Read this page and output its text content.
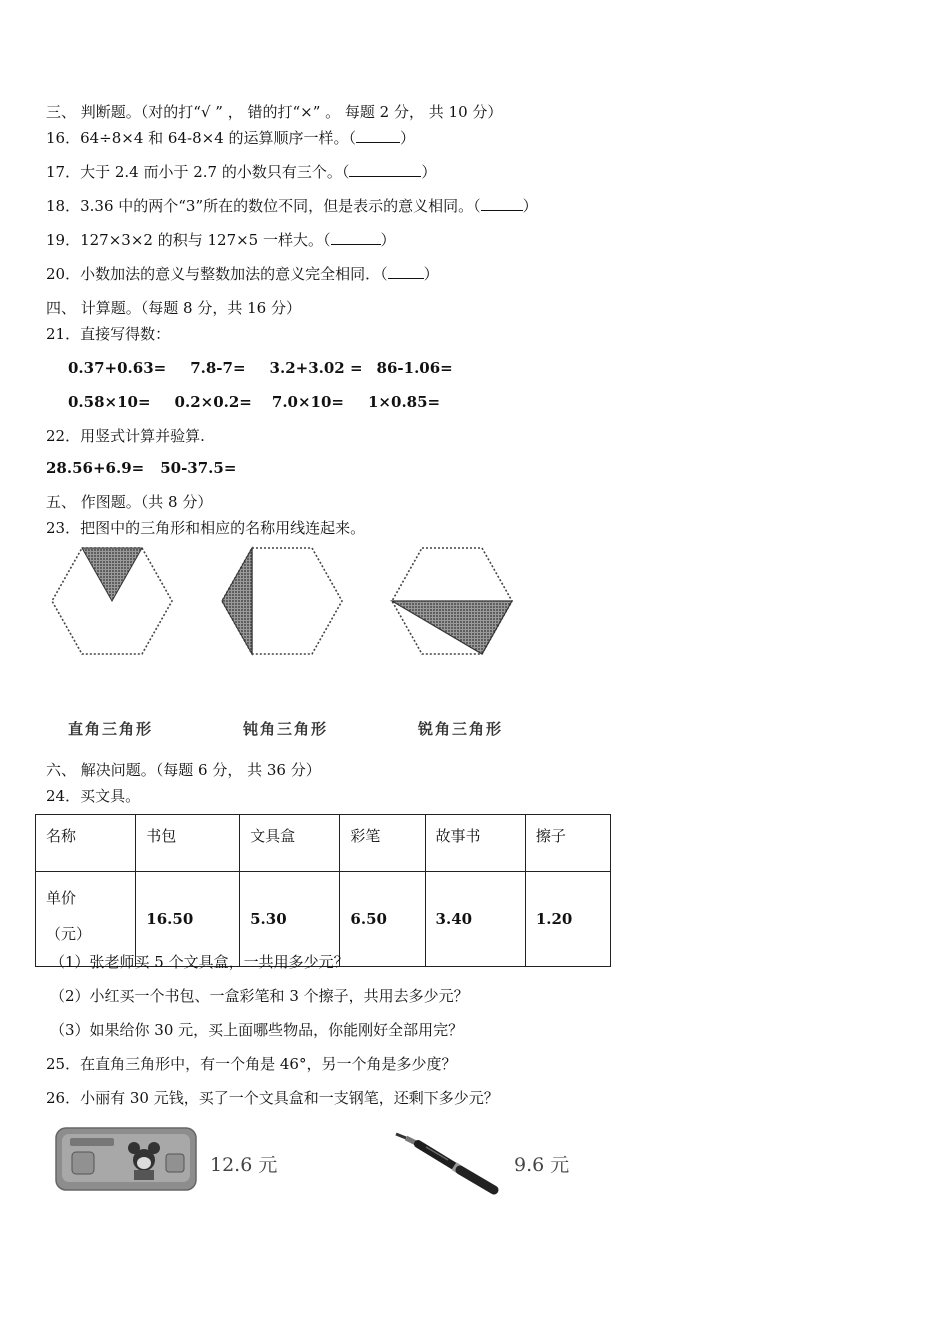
三、 判断题。（对的打“√ ” ， 错的打“×” 。 每题 2 分， 共 10 分）
16．64÷8×4 和 64-8×4 的运算顺序一样。（	）
17．大于 2.4 而小于 2.7 的小数只有三个。（	）
18．3.36 中的两个“3”所在的数位不同，但是表示的意义相同。（	）
19．127×3×2 的积与 127×5 一样大。（	）
20．小数加法的意义与整数加法的意义完全相同．（ ）
四、 计算题。（每题 8 分，共 16 分）
21．直接写得数：
0.37+0.63= 7.8-7= 3.2+3.02 = 86-1.06=
0.58×10= 0.2×0.2= 7.0×10= 1×0.85=
22．用竖式计算并验算.
28.56+6.9= 50-37.5=
五、 作图题。（共 8 分）
23．把图中的三角形和相应的名称用线连起来。
直角三角形	钝角三角形	锐角三角形
六、 解决问题。（每题 6 分， 共 36 分）
24．买文具。
名称	书包	文具盒	彩笔	故事书	擦子

单价
（元）	16.50	5.30	6.50	3.40	1.20
（1）张老师买 5 个文具盒，一共用多少元？
（2）小红买一个书包、一盒彩笔和 3 个擦子，共用去多少元？
（3）如果给你 30 元，买上面哪些物品，你能刚好全部用完？
25．在直角三角形中，有一个角是 46°，另一个角是多少度？
26．小丽有 30 元钱，买了一个文具盒和一支钢笔，还剩下多少元？
12.6 元	9.6 元
